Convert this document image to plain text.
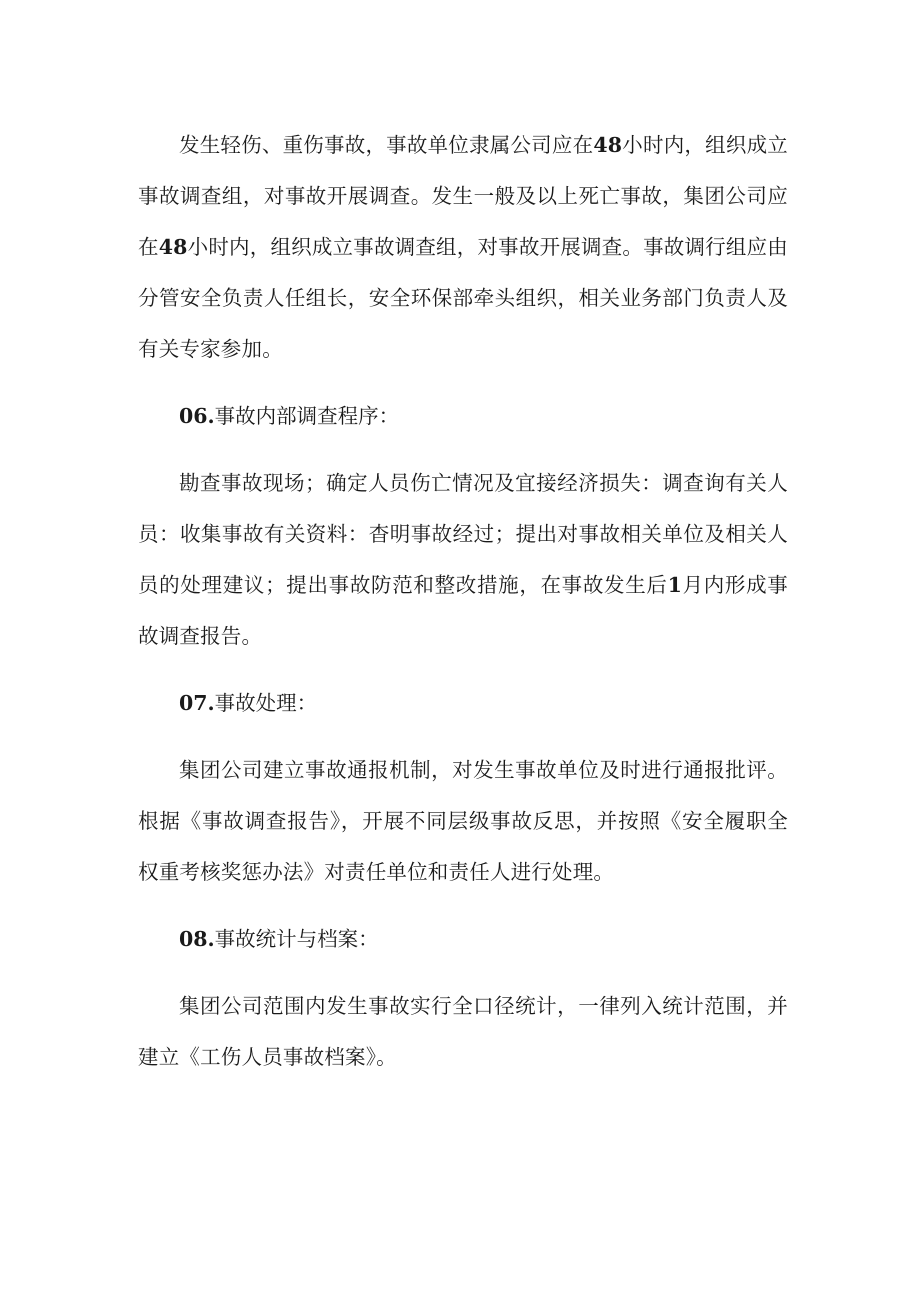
发生轻伤、重伤事故，事故单位隶属公司应在48小时内，组织成立事故调查组，对事故开展调查。发生一般及以上死亡事故，集团公司应在48小时内，组织成立事故调查组，对事故开展调查。事故调行组应由分管安全负责人任组长，安全环保部牵头组织，相关业务部门负责人及有关专家参加。

06.事故内部调查程序：

勘查事故现场；确定人员伤亡情况及宜接经济损失：调查询有关人员：收集事故有关资料：杳明事故经过；提出对事故相关单位及相关人员的处理建议；提出事故防范和整改措施，在事故发生后1月内形成事故调查报告。

07.事故处理：

集团公司建立事故通报机制，对发生事故单位及时进行通报批评。根据《事故调查报告》，开展不同层级事故反思，并按照《安全履职全权重考核奖惩办法》对责任单位和责任人进行处理。

08.事故统计与档案：

集团公司范围内发生事故实行全口径统计，一律列入统计范围，并建立《工伤人员事故档案》。
